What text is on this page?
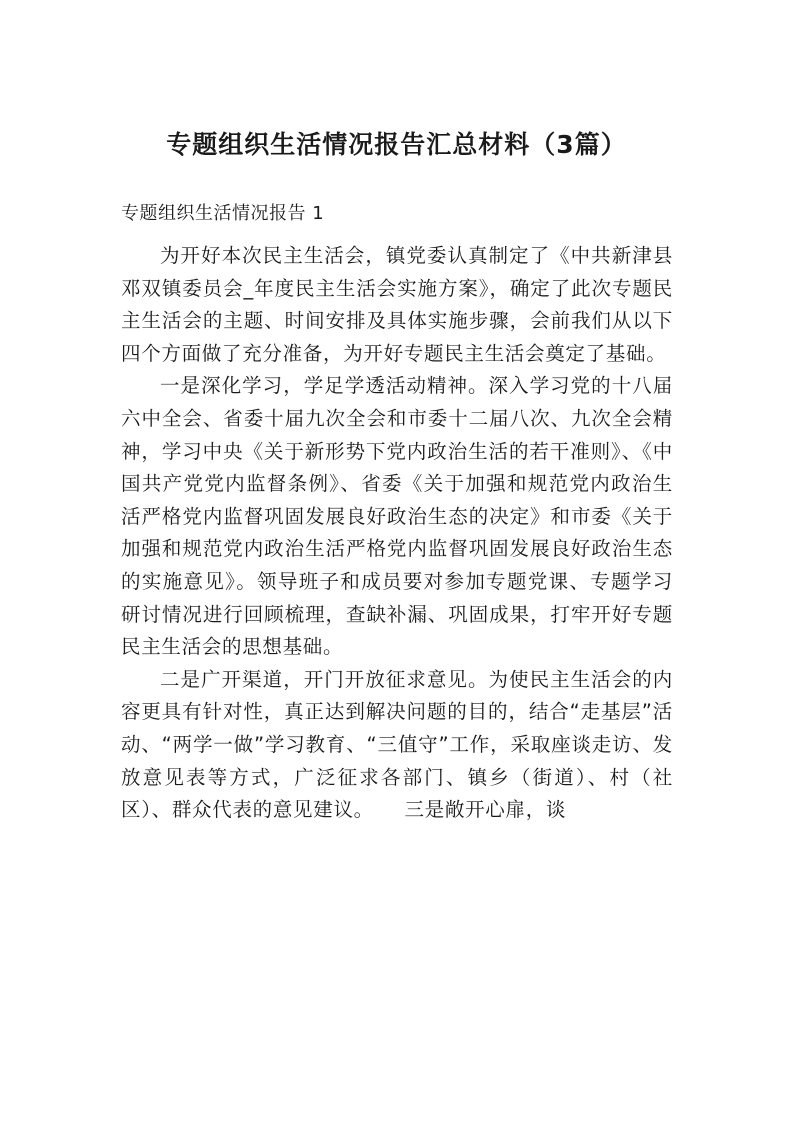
专题组织生活情况报告汇总材料（3篇）
专题组织生活情况报告 1

为开好本次民主生活会，镇党委认真制定了《中共新津县邓双镇委员会_年度民主生活会实施方案》，确定了此次专题民主生活会的主题、时间安排及具体实施步骤，会前我们从以下四个方面做了充分准备，为开好专题民主生活会奠定了基础。

一是深化学习，学足学透活动精神。深入学习党的十八届六中全会、省委十届九次全会和市委十二届八次、九次全会精神，学习中央《关于新形势下党内政治生活的若干准则》、《中国共产党党内监督条例》、省委《关于加强和规范党内政治生活严格党内监督巩固发展良好政治生态的决定》和市委《关于加强和规范党内政治生活严格党内监督巩固发展良好政治生态的实施意见》。领导班子和成员要对参加专题党课、专题学习研讨情况进行回顾梳理，查缺补漏、巩固成果，打牢开好专题民主生活会的思想基础。

二是广开渠道，开门开放征求意见。为使民主生活会的内容更具有针对性，真正达到解决问题的目的，结合“走基层”活动、“两学一做”学习教育、“三值守”工作，采取座谈走访、发放意见表等方式，广泛征求各部门、镇乡（街道）、村（社区）、群众代表的意见建议。　　三是敞开心扉，谈
